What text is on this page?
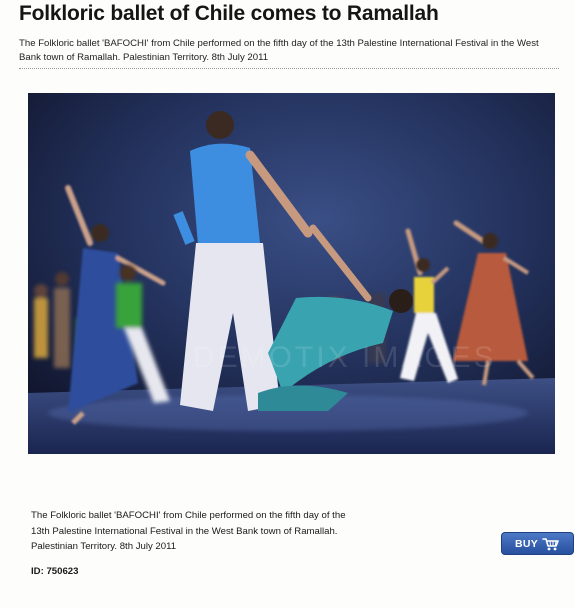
Folkloric ballet of Chile comes to Ramallah

The Folkloric ballet 'BAFOCHI' from Chile performed on the fifth day of the 13th Palestine International Festival in the West Bank town of Ramallah. Palestinian Territory. 8th July 2011

DEMOTIX IMAGES

The Folkloric ballet 'BAFOCHI' from Chile performed on the fifth day of the 13th Palestine International Festival in the West Bank town of Ramallah. Palestinian Territory. 8th July 2011

ID: 750623
BUY
